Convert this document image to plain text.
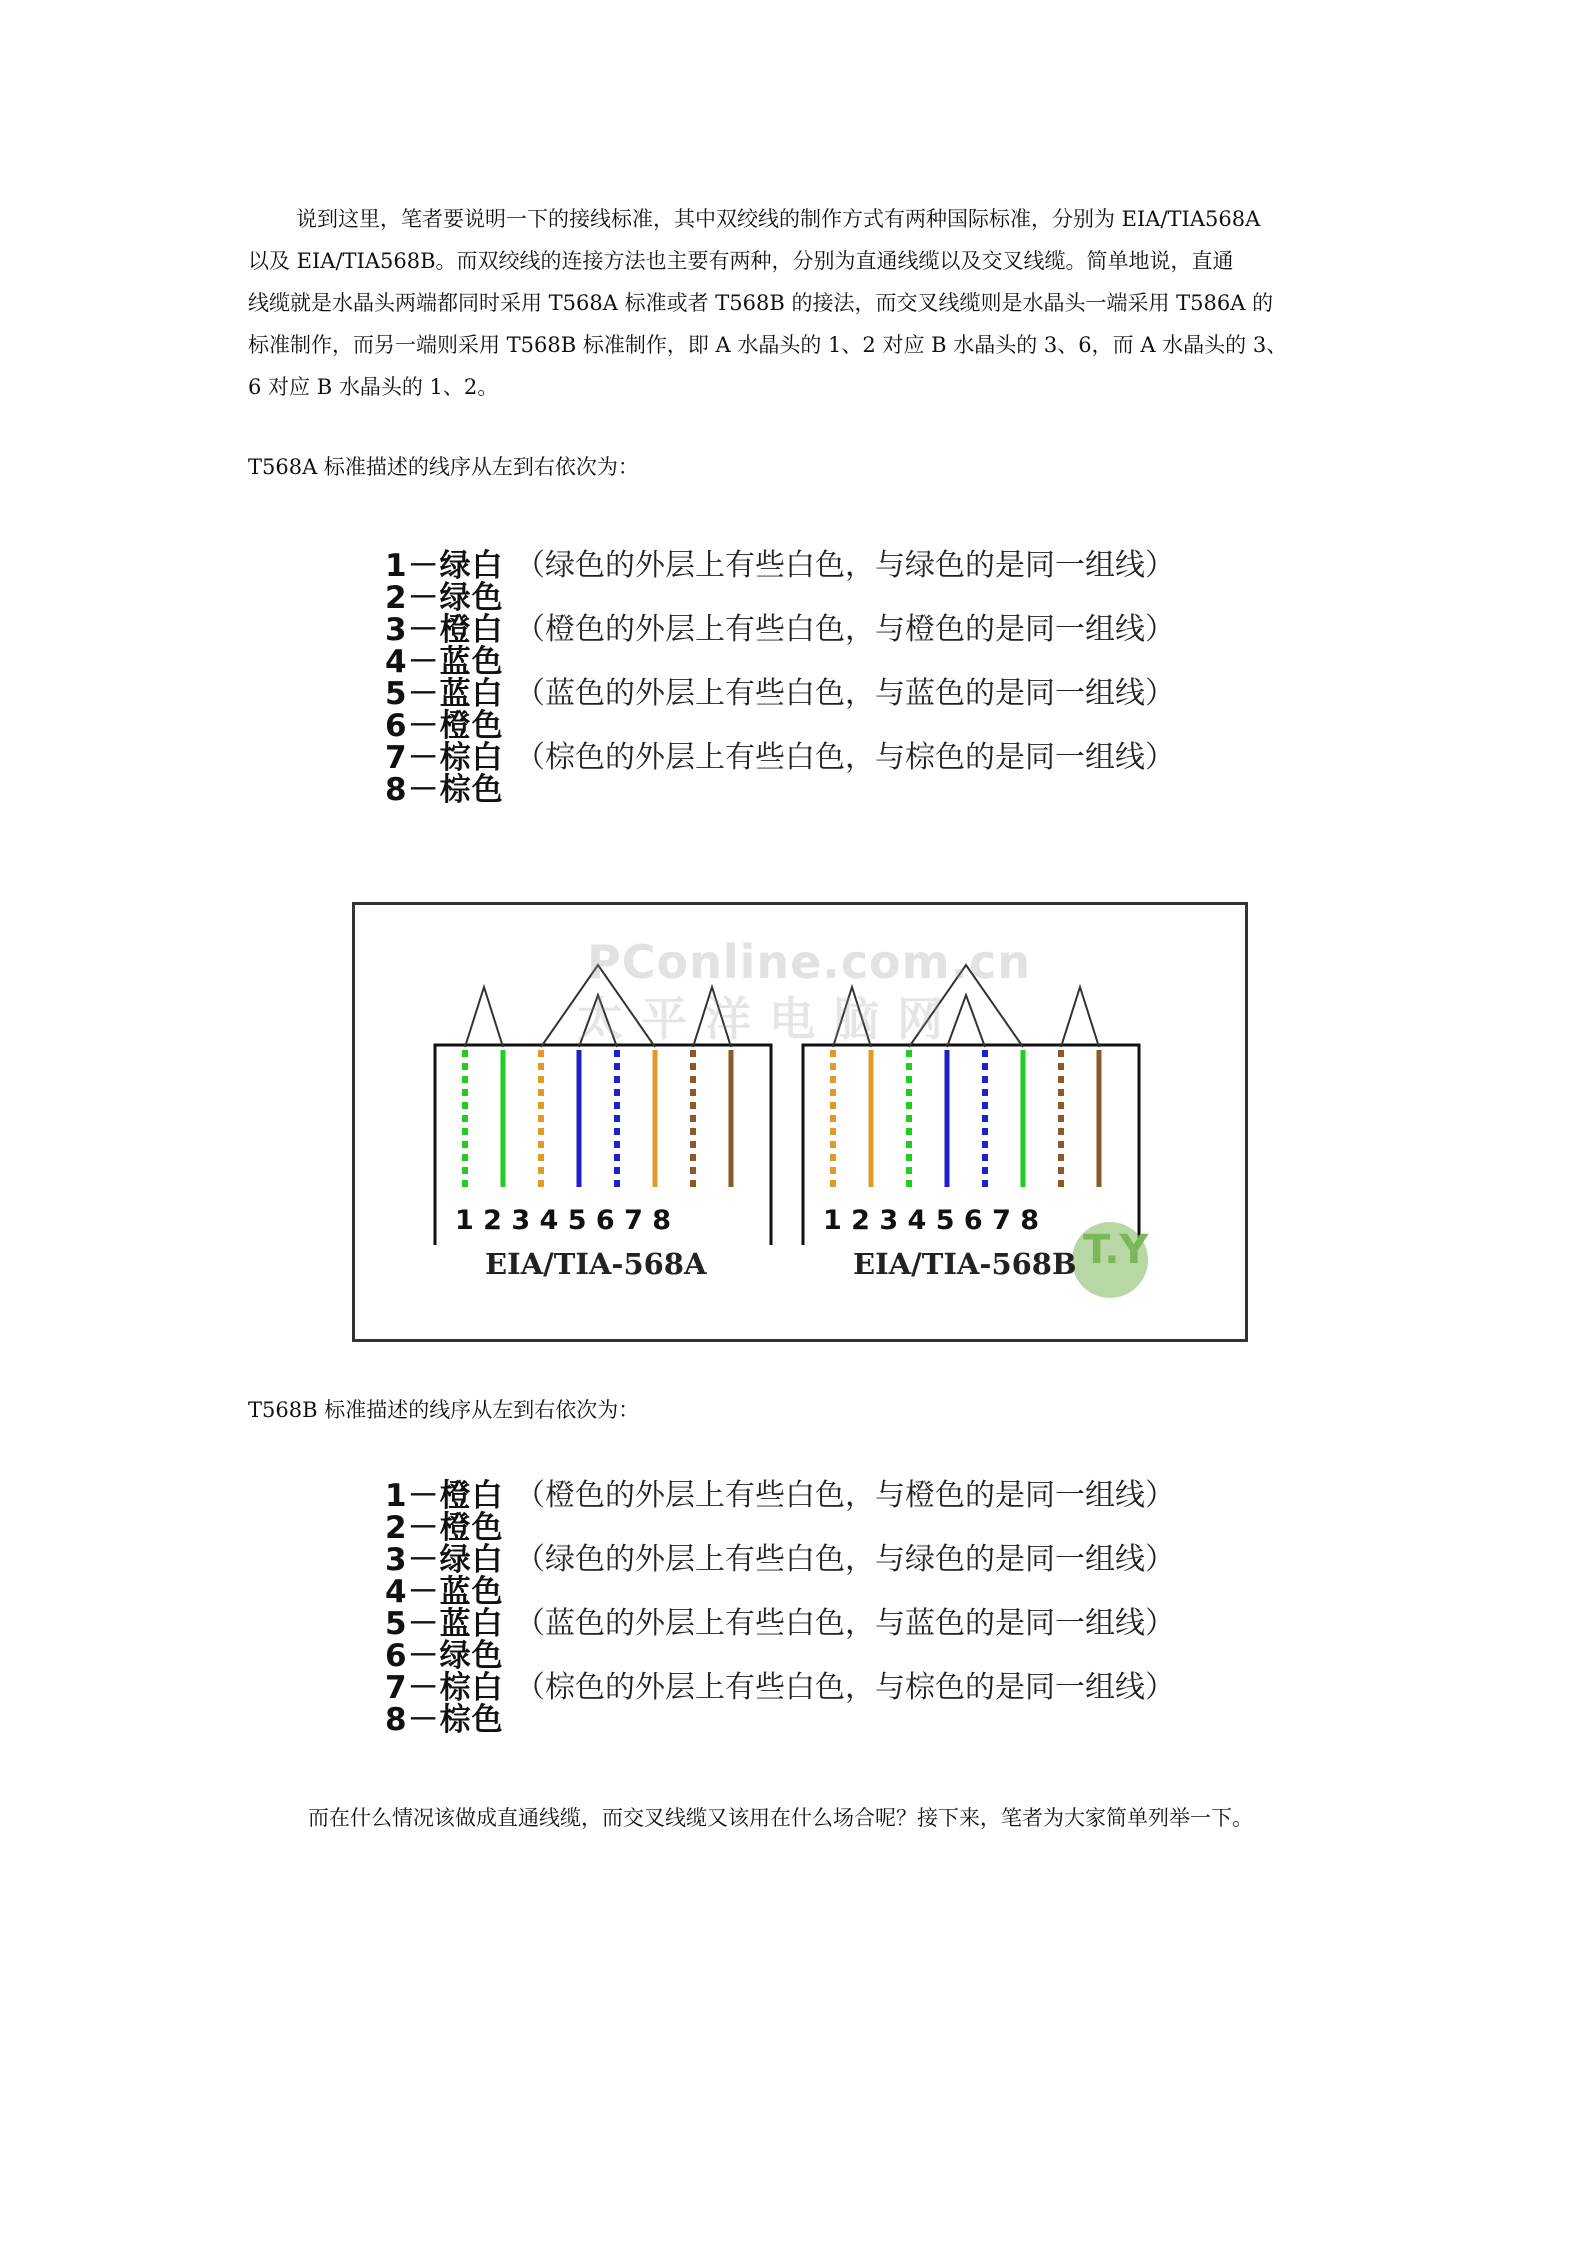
说到这里，笔者要说明一下的接线标准，其中双绞线的制作方式有两种国际标准，分别为 EIA/TIA568A

以及 EIA/TIA568B。而双绞线的连接方法也主要有两种，分别为直通线缆以及交叉线缆。简单地说，直通

线缆就是水晶头两端都同时采用 T568A 标准或者 T568B 的接法，而交叉线缆则是水晶头一端采用 T586A 的

标准制作，而另一端则采用 T568B 标准制作，即 A 水晶头的 1、2 对应 B 水晶头的 3、6，而 A 水晶头的 3、

6 对应 B 水晶头的 1、2。

T568A 标准描述的线序从左到右依次为：
1－绿白 （绿色的外层上有些白色，与绿色的是同一组线）
2－绿色
3－橙白 （橙色的外层上有些白色，与橙色的是同一组线）
4－蓝色
5－蓝白 （蓝色的外层上有些白色，与蓝色的是同一组线）
6－橙色
7－棕白 （棕色的外层上有些白色，与棕色的是同一组线）
8－棕色
PConline.com.cn
太平洋电脑网
1 2 3 4 5 6 7 8	1 2 3 4 5 6 7 8
EIA/TIA-568A	EIA/TIA-568B T.Y
T568B 标准描述的线序从左到右依次为：
1－橙白 （橙色的外层上有些白色，与橙色的是同一组线）
2－橙色
3－绿白 （绿色的外层上有些白色，与绿色的是同一组线）
4－蓝色
5－蓝白 （蓝色的外层上有些白色，与蓝色的是同一组线）
6－绿色
7－棕白 （棕色的外层上有些白色，与棕色的是同一组线）
8－棕色
而在什么情况该做成直通线缆，而交叉线缆又该用在什么场合呢？接下来，笔者为大家简单列举一下。
